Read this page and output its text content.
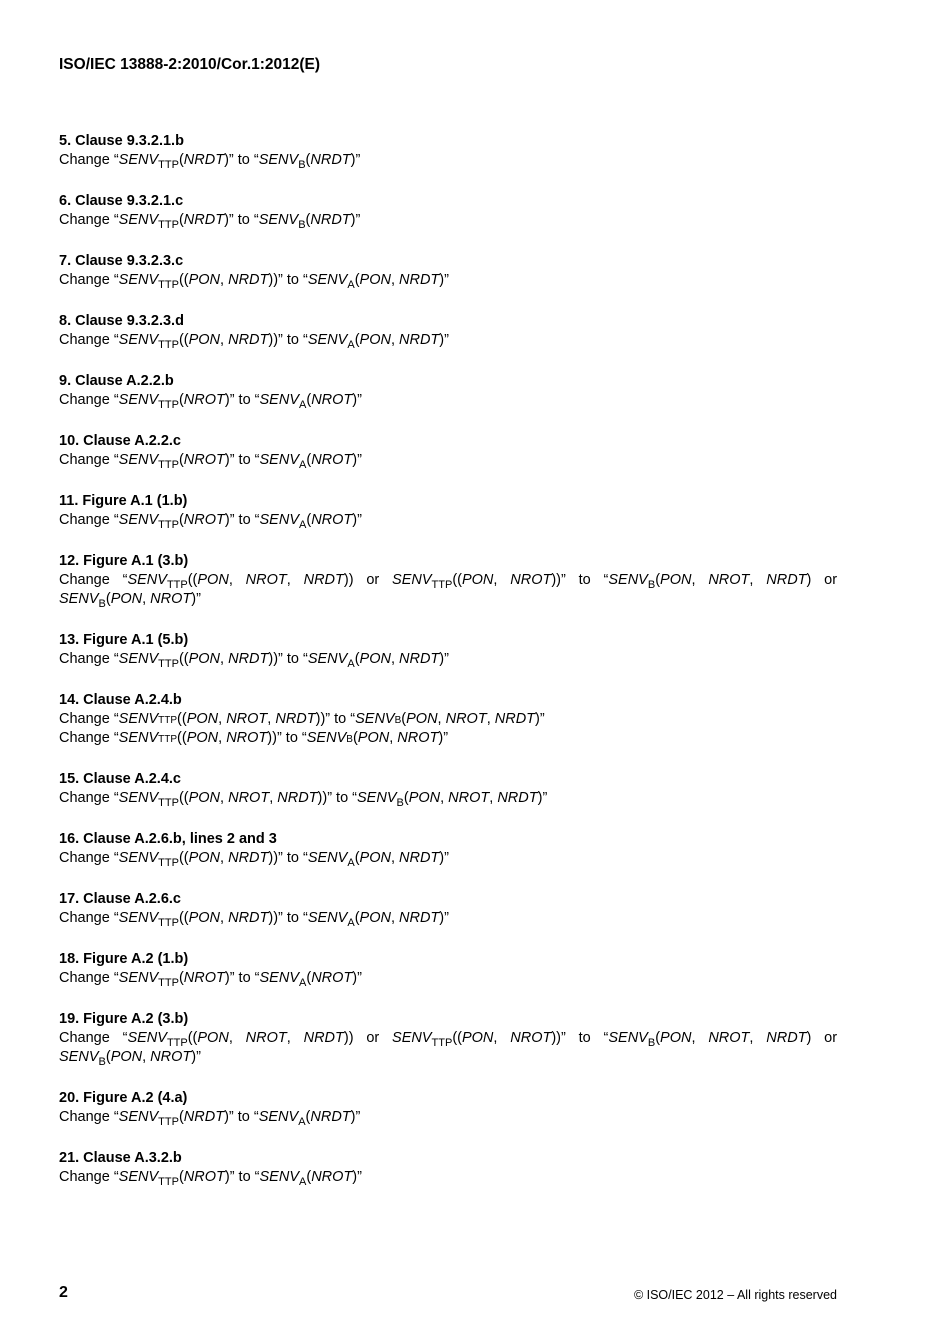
ISO/IEC 13888-2:2010/Cor.1:2012(E)

5. Clause 9.3.2.1.b

Change “$SENV_{TTP}(NRDT)$” to “$SENV_B(NRDT)$”

6. Clause 9.3.2.1.c

Change “$SENV_{TTP}(NRDT)$” to “$SENV_B(NRDT)$”

7. Clause 9.3.2.3.c

Change “$SENV_{TTP}((PON$, NRDT))” to “$SENV_A(PON$, NRDT)”

8. Clause 9.3.2.3.d

Change “$SENV_{TTP}((PON$, NRDT))” to “$SENV_A(PON$, NRDT)”

9. Clause A.2.2.b

Change “$SENV_{TTP}(NROT)$” to “$SENV_A(NROT)$”

10. Clause A.2.2.c

Change “$SENV_{TTP}(NROT)$” to “$SENV_A(NROT)$”

11. Figure A.1 (1.b)

Change “$SENV_{TTP}(NROT)$” to “$SENV_A(NROT)$”

12. Figure A.1 (3.b)

Change “$SENV_{TTP}((PON$, NROT, NRDT)) or $SENV_{TTP}((PON$, NROT))” to “$SENV_B(PON$, NROT, NRDT) or

$SENV_B(PON$, NROT)”

13. Figure A.1 (5.b)

Change “$SENV_{TTP}((PON$, NRDT))” to “$SENV_A(PON$, NRDT)”

14. Clause A.2.4.b

Change “SENVTTP((PON, NROT, NRDT))” to “SENVB(PON, NROT, NRDT)”

Change “SENVTTP((PON, NROT))” to “SENVB(PON, NROT)”

15. Clause A.2.4.c

Change “$SENV_{TTP}((PON$, NROT, NRDT))” to “$SENV_B(PON$, NROT, NRDT)”

16. Clause A.2.6.b, lines 2 and 3

Change “$SENV_{TTP}((PON$, NRDT))” to “$SENV_A(PON$, NRDT)”

17. Clause A.2.6.c

Change “$SENV_{TTP}((PON$, NRDT))” to “$SENV_A(PON$, NRDT)”

18. Figure A.2 (1.b)

Change “$SENV_{TTP}(NROT)$” to “$SENV_A(NROT)$”

19. Figure A.2 (3.b)

Change “$SENV_{TTP}((PON$, NROT, NRDT)) or $SENV_{TTP}((PON$, NROT))” to “$SENV_B(PON$, NROT, NRDT) or

$SENV_B(PON$, NROT)”

20. Figure A.2 (4.a)

Change “$SENV_{TTP}(NRDT)$” to “$SENV_A(NRDT)$”

21. Clause A.3.2.b

Change “$SENV_{TTP}(NROT)$” to “$SENV_A(NROT)$”

2	© ISO/IEC 2012 – All rights reserved
